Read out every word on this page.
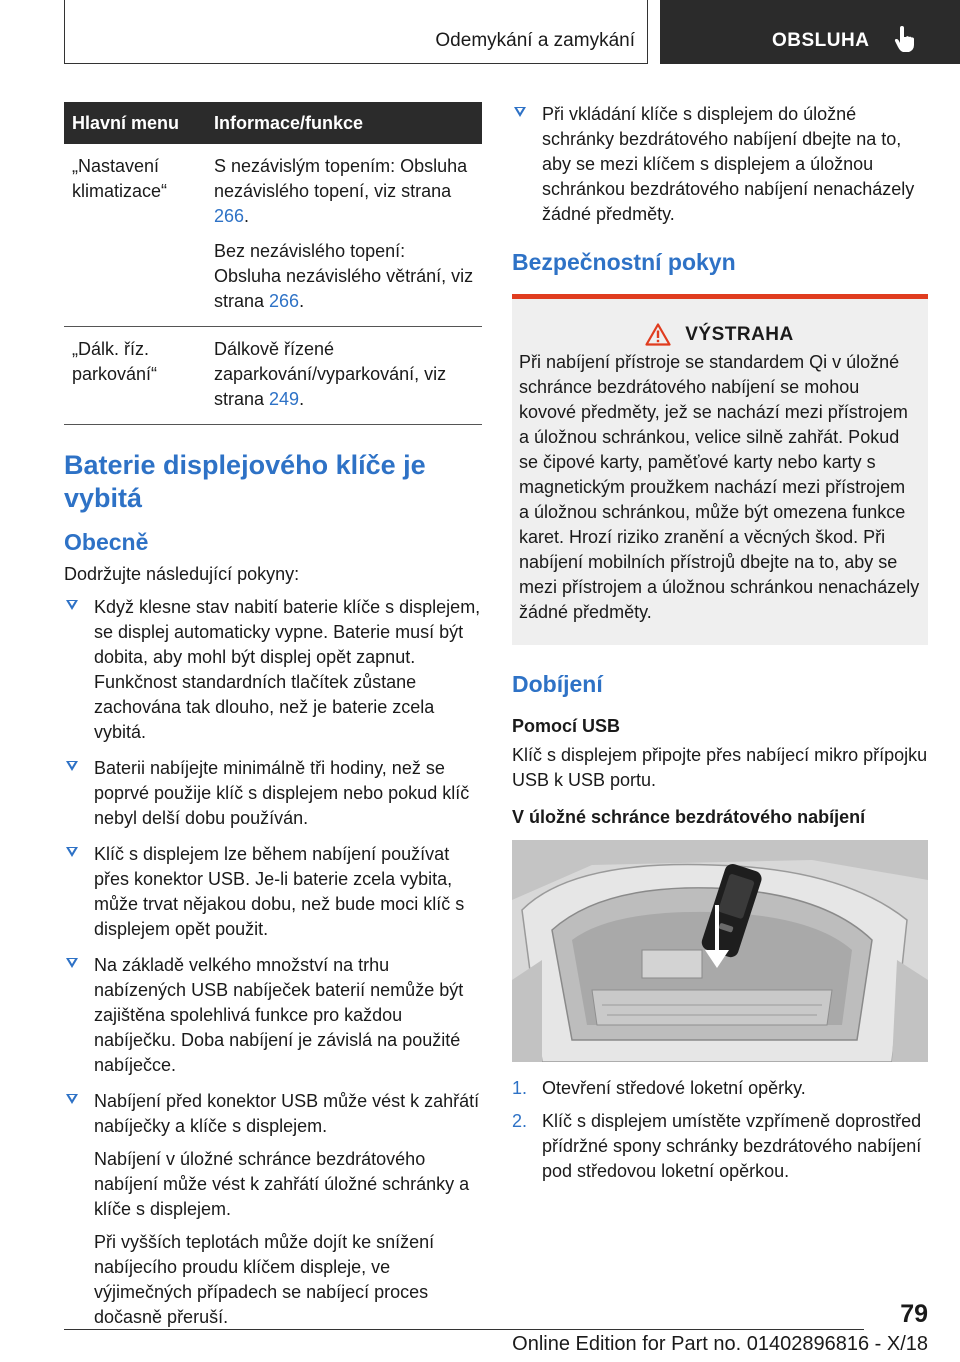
Odemykání a zamykání	OBSLUHA
Hlavní menu	Informace/funkce
„Nastavení klimatizace“	S nezávislým topením: Obsluha nezávislého topení, viz strana 266.

Bez nezávislého topení: Obsluha nezávislého větrání, viz strana 266.

„Dálk. říz. parkování“	Dálkově řízené zaparkování/vyparkování, viz strana 249.

Baterie displejového klíče je vybitá
Obecně

Dodržujte následující pokyny:

Když klesne stav nabití baterie klíče s displejem, se displej automaticky vypne. Baterie musí být dobita, aby mohl být displej opět zapnut. Funkčnost standardních tlačítek zůstane zachována tak dlouho, než je baterie zcela vybitá.

Baterii nabíjejte minimálně tři hodiny, než se poprvé použije klíč s displejem nebo pokud klíč nebyl delší dobu používán.

Klíč s displejem lze během nabíjení používat přes konektor USB. Je-li baterie zcela vybita, může trvat nějakou dobu, než bude moci klíč s displejem opět použit.

Na základě velkého množství na trhu nabízených USB nabíječek baterií nemůže být zajištěna spolehlivá funkce pro každou nabíječku. Doba nabíjení je závislá na použité nabíječce.

Nabíjení před konektor USB může vést k zahřátí nabíječky a klíče s displejem.

Nabíjení v úložné schránce bezdrátového nabíjení může vést k zahřátí úložné schránky a klíče s displejem.

Při vyšších teplotách může dojít ke snížení nabíjecího proudu klíčem displeje, ve výjimečných případech se nabíjecí proces dočasně přeruší.

Při vkládání klíče s displejem do úložné schránky bezdrátového nabíjení dbejte na to, aby se mezi klíčem s displejem a úložnou schránkou bezdrátového nabíjení nenacházely žádné předměty.

Bezpečnostní pokyn
VÝSTRAHA

Při nabíjení přístroje se standardem Qi v úložné schránce bezdrátového nabíjení se mohou kovové předměty, jež se nachází mezi přístrojem a úložnou schránkou, velice silně zahřát. Pokud se čipové karty, paměťové karty nebo karty s magnetickým proužkem nachází mezi přístrojem a úložnou schránkou, může být omezena funkce karet. Hrozí riziko zranění a věcných škod. Při nabíjení mobilních přístrojů dbejte na to, aby se mezi přístrojem a úložnou schránkou nenacházely žádné předměty.

Dobíjení
Pomocí USB

Klíč s displejem připojte přes nabíjecí mikro přípojku USB k USB portu.

V úložné schránce bezdrátového nabíjení
1. Otevření středové loketní opěrky.
2. Klíč s displejem umístěte vzpřímeně doprostřed přídržné spony schránky bezdrátového nabíjení pod středovou loketní opěrkou.
79
Online Edition for Part no. 01402896816 - X/18
